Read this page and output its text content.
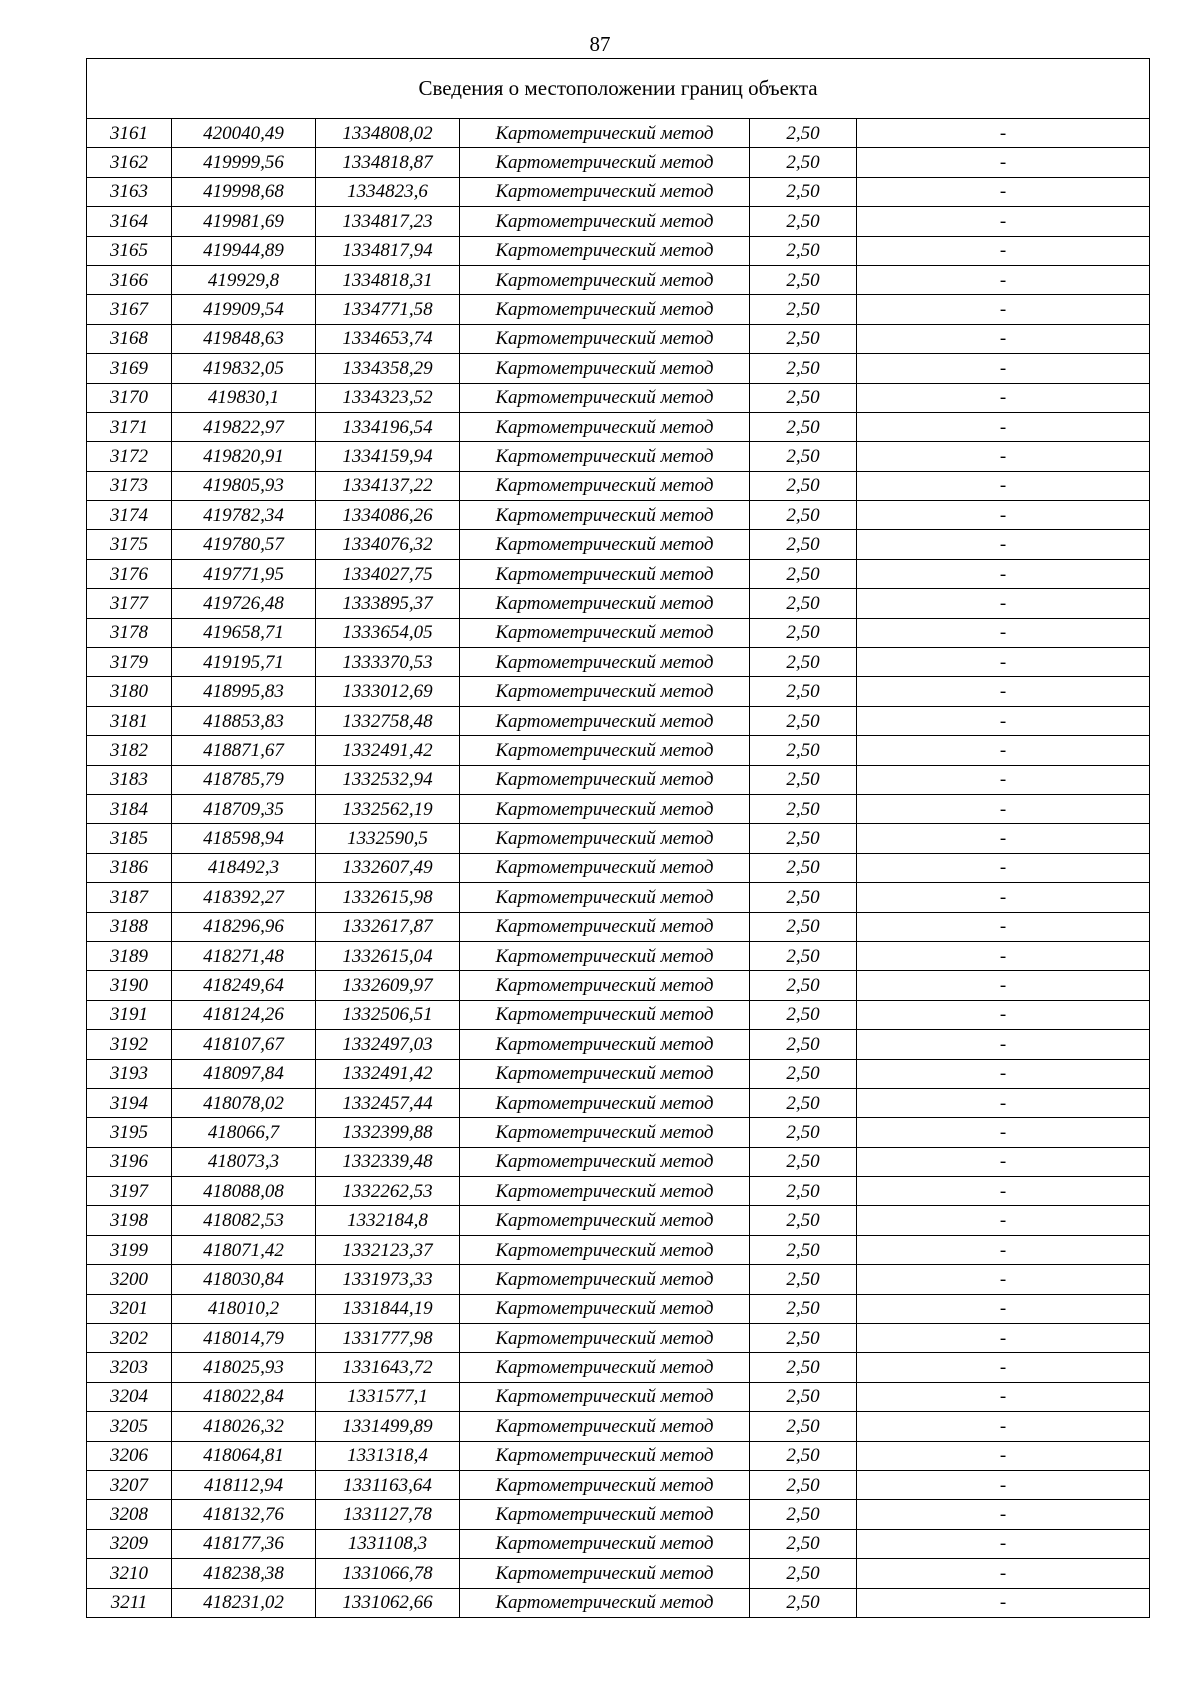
87
Сведения о местоположении границ объекта					
3161	420040,49	1334808,02	Картометрический метод	2,50	-
3162	419999,56	1334818,87	Картометрический метод	2,50	-
3163	419998,68	1334823,6	Картометрический метод	2,50	-
3164	419981,69	1334817,23	Картометрический метод	2,50	-
3165	419944,89	1334817,94	Картометрический метод	2,50	-
3166	419929,8	1334818,31	Картометрический метод	2,50	-
3167	419909,54	1334771,58	Картометрический метод	2,50	-
3168	419848,63	1334653,74	Картометрический метод	2,50	-
3169	419832,05	1334358,29	Картометрический метод	2,50	-
3170	419830,1	1334323,52	Картометрический метод	2,50	-
3171	419822,97	1334196,54	Картометрический метод	2,50	-
3172	419820,91	1334159,94	Картометрический метод	2,50	-
3173	419805,93	1334137,22	Картометрический метод	2,50	-
3174	419782,34	1334086,26	Картометрический метод	2,50	-
3175	419780,57	1334076,32	Картометрический метод	2,50	-
3176	419771,95	1334027,75	Картометрический метод	2,50	-
3177	419726,48	1333895,37	Картометрический метод	2,50	-
3178	419658,71	1333654,05	Картометрический метод	2,50	-
3179	419195,71	1333370,53	Картометрический метод	2,50	-
3180	418995,83	1333012,69	Картометрический метод	2,50	-
3181	418853,83	1332758,48	Картометрический метод	2,50	-
3182	418871,67	1332491,42	Картометрический метод	2,50	-
3183	418785,79	1332532,94	Картометрический метод	2,50	-
3184	418709,35	1332562,19	Картометрический метод	2,50	-
3185	418598,94	1332590,5	Картометрический метод	2,50	-
3186	418492,3	1332607,49	Картометрический метод	2,50	-
3187	418392,27	1332615,98	Картометрический метод	2,50	-
3188	418296,96	1332617,87	Картометрический метод	2,50	-
3189	418271,48	1332615,04	Картометрический метод	2,50	-
3190	418249,64	1332609,97	Картометрический метод	2,50	-
3191	418124,26	1332506,51	Картометрический метод	2,50	-
3192	418107,67	1332497,03	Картометрический метод	2,50	-
3193	418097,84	1332491,42	Картометрический метод	2,50	-
3194	418078,02	1332457,44	Картометрический метод	2,50	-
3195	418066,7	1332399,88	Картометрический метод	2,50	-
3196	418073,3	1332339,48	Картометрический метод	2,50	-
3197	418088,08	1332262,53	Картометрический метод	2,50	-
3198	418082,53	1332184,8	Картометрический метод	2,50	-
3199	418071,42	1332123,37	Картометрический метод	2,50	-
3200	418030,84	1331973,33	Картометрический метод	2,50	-
3201	418010,2	1331844,19	Картометрический метод	2,50	-
3202	418014,79	1331777,98	Картометрический метод	2,50	-
3203	418025,93	1331643,72	Картометрический метод	2,50	-
3204	418022,84	1331577,1	Картометрический метод	2,50	-
3205	418026,32	1331499,89	Картометрический метод	2,50	-
3206	418064,81	1331318,4	Картометрический метод	2,50	-
3207	418112,94	1331163,64	Картометрический метод	2,50	-
3208	418132,76	1331127,78	Картометрический метод	2,50	-
3209	418177,36	1331108,3	Картометрический метод	2,50	-
3210	418238,38	1331066,78	Картометрический метод	2,50	-
3211	418231,02	1331062,66	Картометрический метод	2,50	-
